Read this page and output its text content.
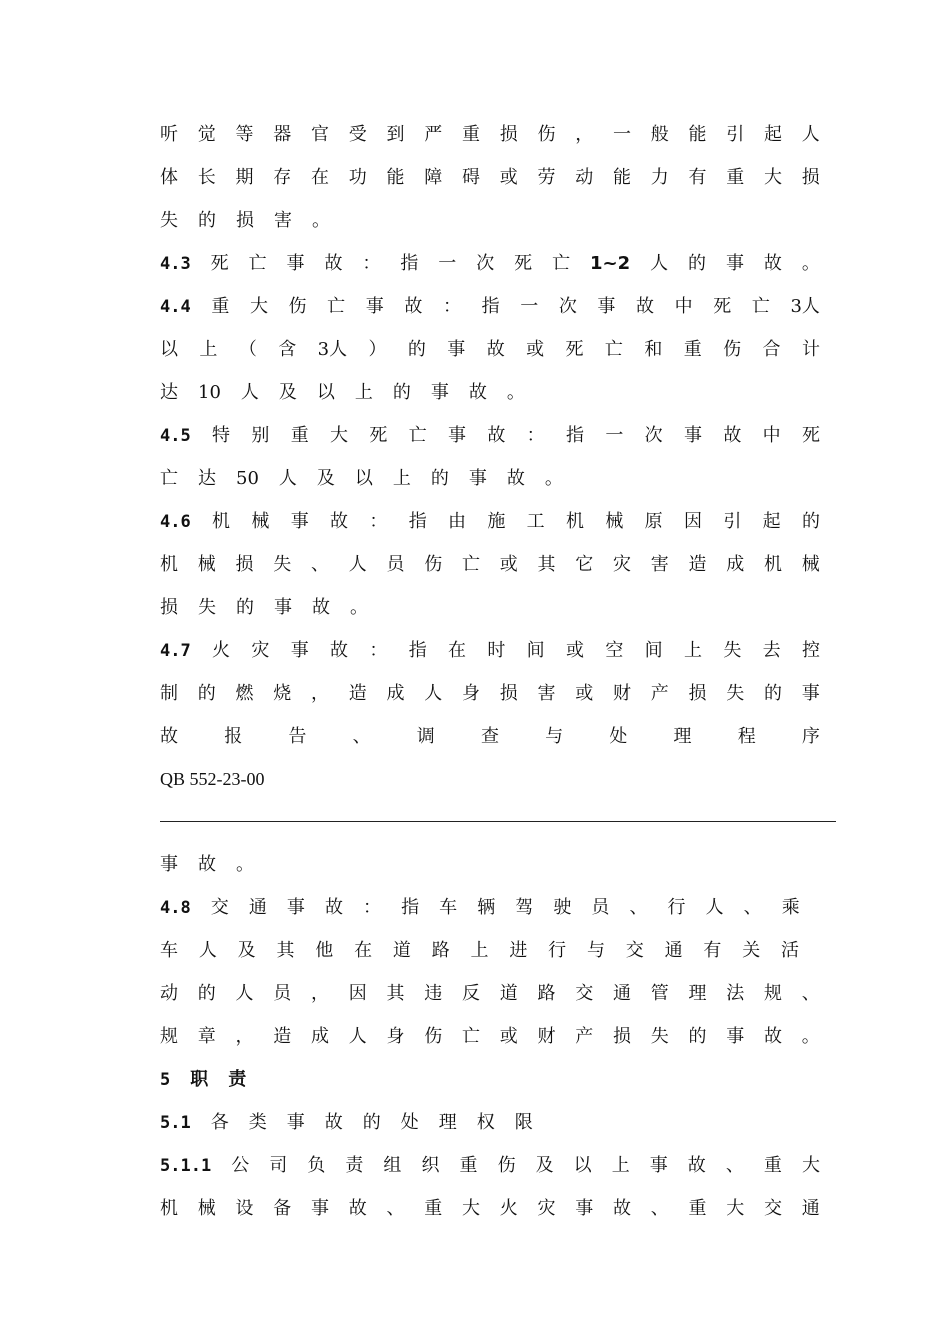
听 觉 等 器 官 受 到 严 重 损 伤 ， 一 般 能 引 起 人
体 长 期 存 在 功 能 障 碍 或 劳 动 能 力 有 重 大 损
失 的 损 害 。
4.3 死 亡 事 故 ： 指 一 次 死 亡 1~2 人 的 事 故 。
4.4 重 大 伤 亡 事 故 ： 指 一 次 事 故 中 死 亡 3人
以 上 （ 含 3人 ） 的 事 故 或 死 亡 和 重 伤 合 计
达 10 人 及 以 上 的 事 故 。
4.5 特 别 重 大 死 亡 事 故 ： 指 一 次 事 故 中 死
亡 达 50 人 及 以 上 的 事 故 。
4.6 机 械 事 故 ： 指 由 施 工 机 械 原 因 引 起 的
机 械 损 失 、 人 员 伤 亡 或 其 它 灾 害 造 成 机 械
损 失 的 事 故 。
4.7 火 灾 事 故 ： 指 在 时 间 或 空 间 上 失 去 控
制 的 燃 烧 ， 造 成 人 身 损 害 或 财 产 损 失 的 事
故	报	告	、	调	查	与	处	理	程	序
事 故 。
4.8 交 通 事 故 ： 指 车 辆 驾 驶 员 、 行 人 、 乘
车 人 及 其 他 在 道 路 上 进 行 与 交 通 有 关 活
动 的 人 员 ， 因 其 违 反 道 路 交 通 管 理 法 规 、
规 章 ， 造 成 人 身 伤 亡 或 财 产 损 失 的 事 故 。
5 职 责
5.1 各 类 事 故 的 处 理 权 限
5.1.1 公 司 负 责 组 织 重 伤 及 以 上 事 故 、 重 大
机 械 设 备 事 故 、 重 大 火 灾 事 故 、 重 大 交 通
QB 552-23-00
